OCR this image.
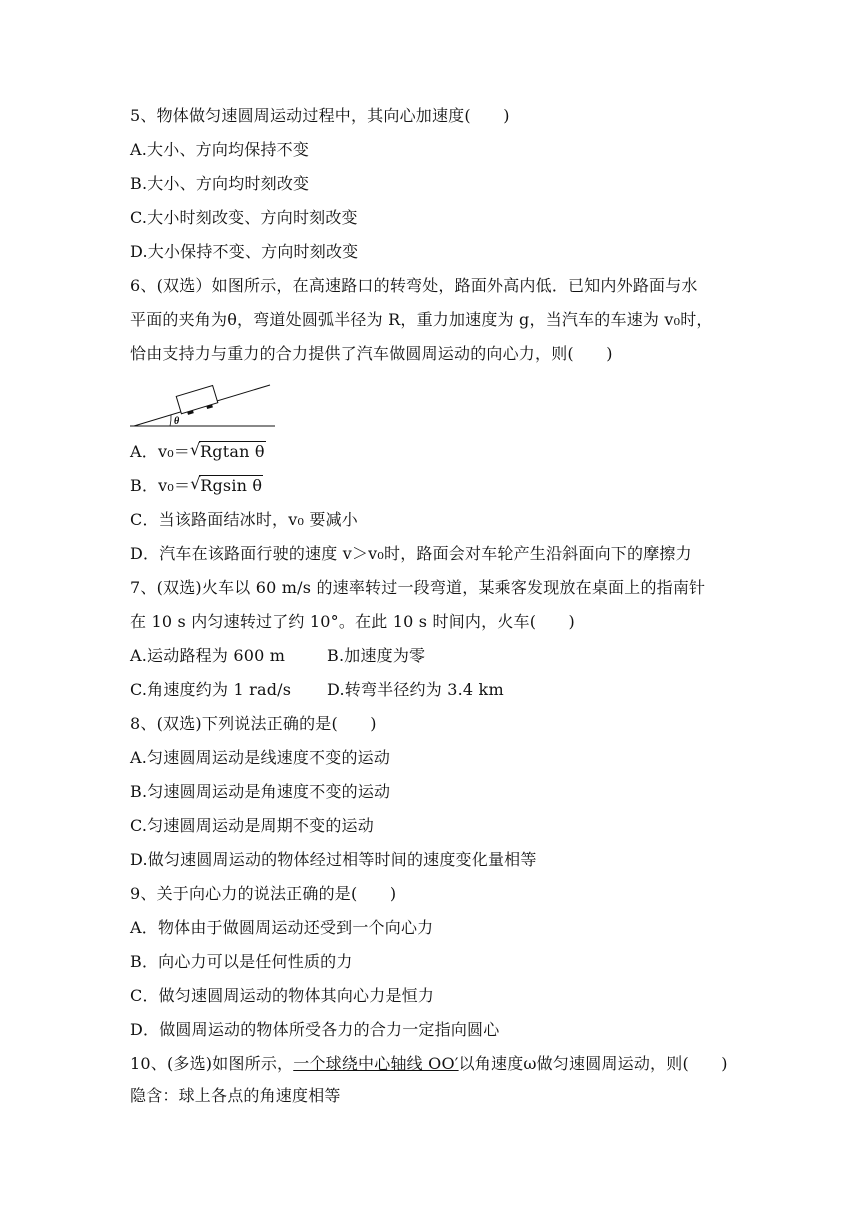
5、物体做匀速圆周运动过程中，其向心加速度(　　)
A.大小、方向均保持不变
B.大小、方向均时刻改变
C.大小时刻改变、方向时刻改变
D.大小保持不变、方向时刻改变
6、(双选）如图所示，在高速路口的转弯处，路面外高内低．已知内外路面与水
平面的夹角为θ，弯道处圆弧半径为 R，重力加速度为 g，当汽车的车速为 v₀时，
恰由支持力与重力的合力提供了汽车做圆周运动的向心力，则(　　)
θ
A．v₀＝ √ Rgtan θ
B．v₀＝ √ Rgsin θ
C．当该路面结冰时，v₀ 要减小
D．汽车在该路面行驶的速度 v＞v₀时，路面会对车轮产生沿斜面向下的摩擦力
7、(双选)火车以 60 m/s 的速率转过一段弯道，某乘客发现放在桌面上的指南针
在 10 s 内匀速转过了约 10°。在此 10 s 时间内，火车(　　)
A.运动路程为 600 m	B.加速度为零
C.角速度约为 1 rad/s D.转弯半径约为 3.4 km
8、(双选)下列说法正确的是(　　)
A.匀速圆周运动是线速度不变的运动
B.匀速圆周运动是角速度不变的运动
C.匀速圆周运动是周期不变的运动
D.做匀速圆周运动的物体经过相等时间的速度变化量相等
9、关于向心力的说法正确的是(　　)
A．物体由于做圆周运动还受到一个向心力
B．向心力可以是任何性质的力
C．做匀速圆周运动的物体其向心力是恒力
D．做圆周运动的物体所受各力的合力一定指向圆心
10、(多选)如图所示，一个球绕中心轴线 OO′以角速度ω做匀速圆周运动，则(　　)
隐含：球上各点的角速度相等
